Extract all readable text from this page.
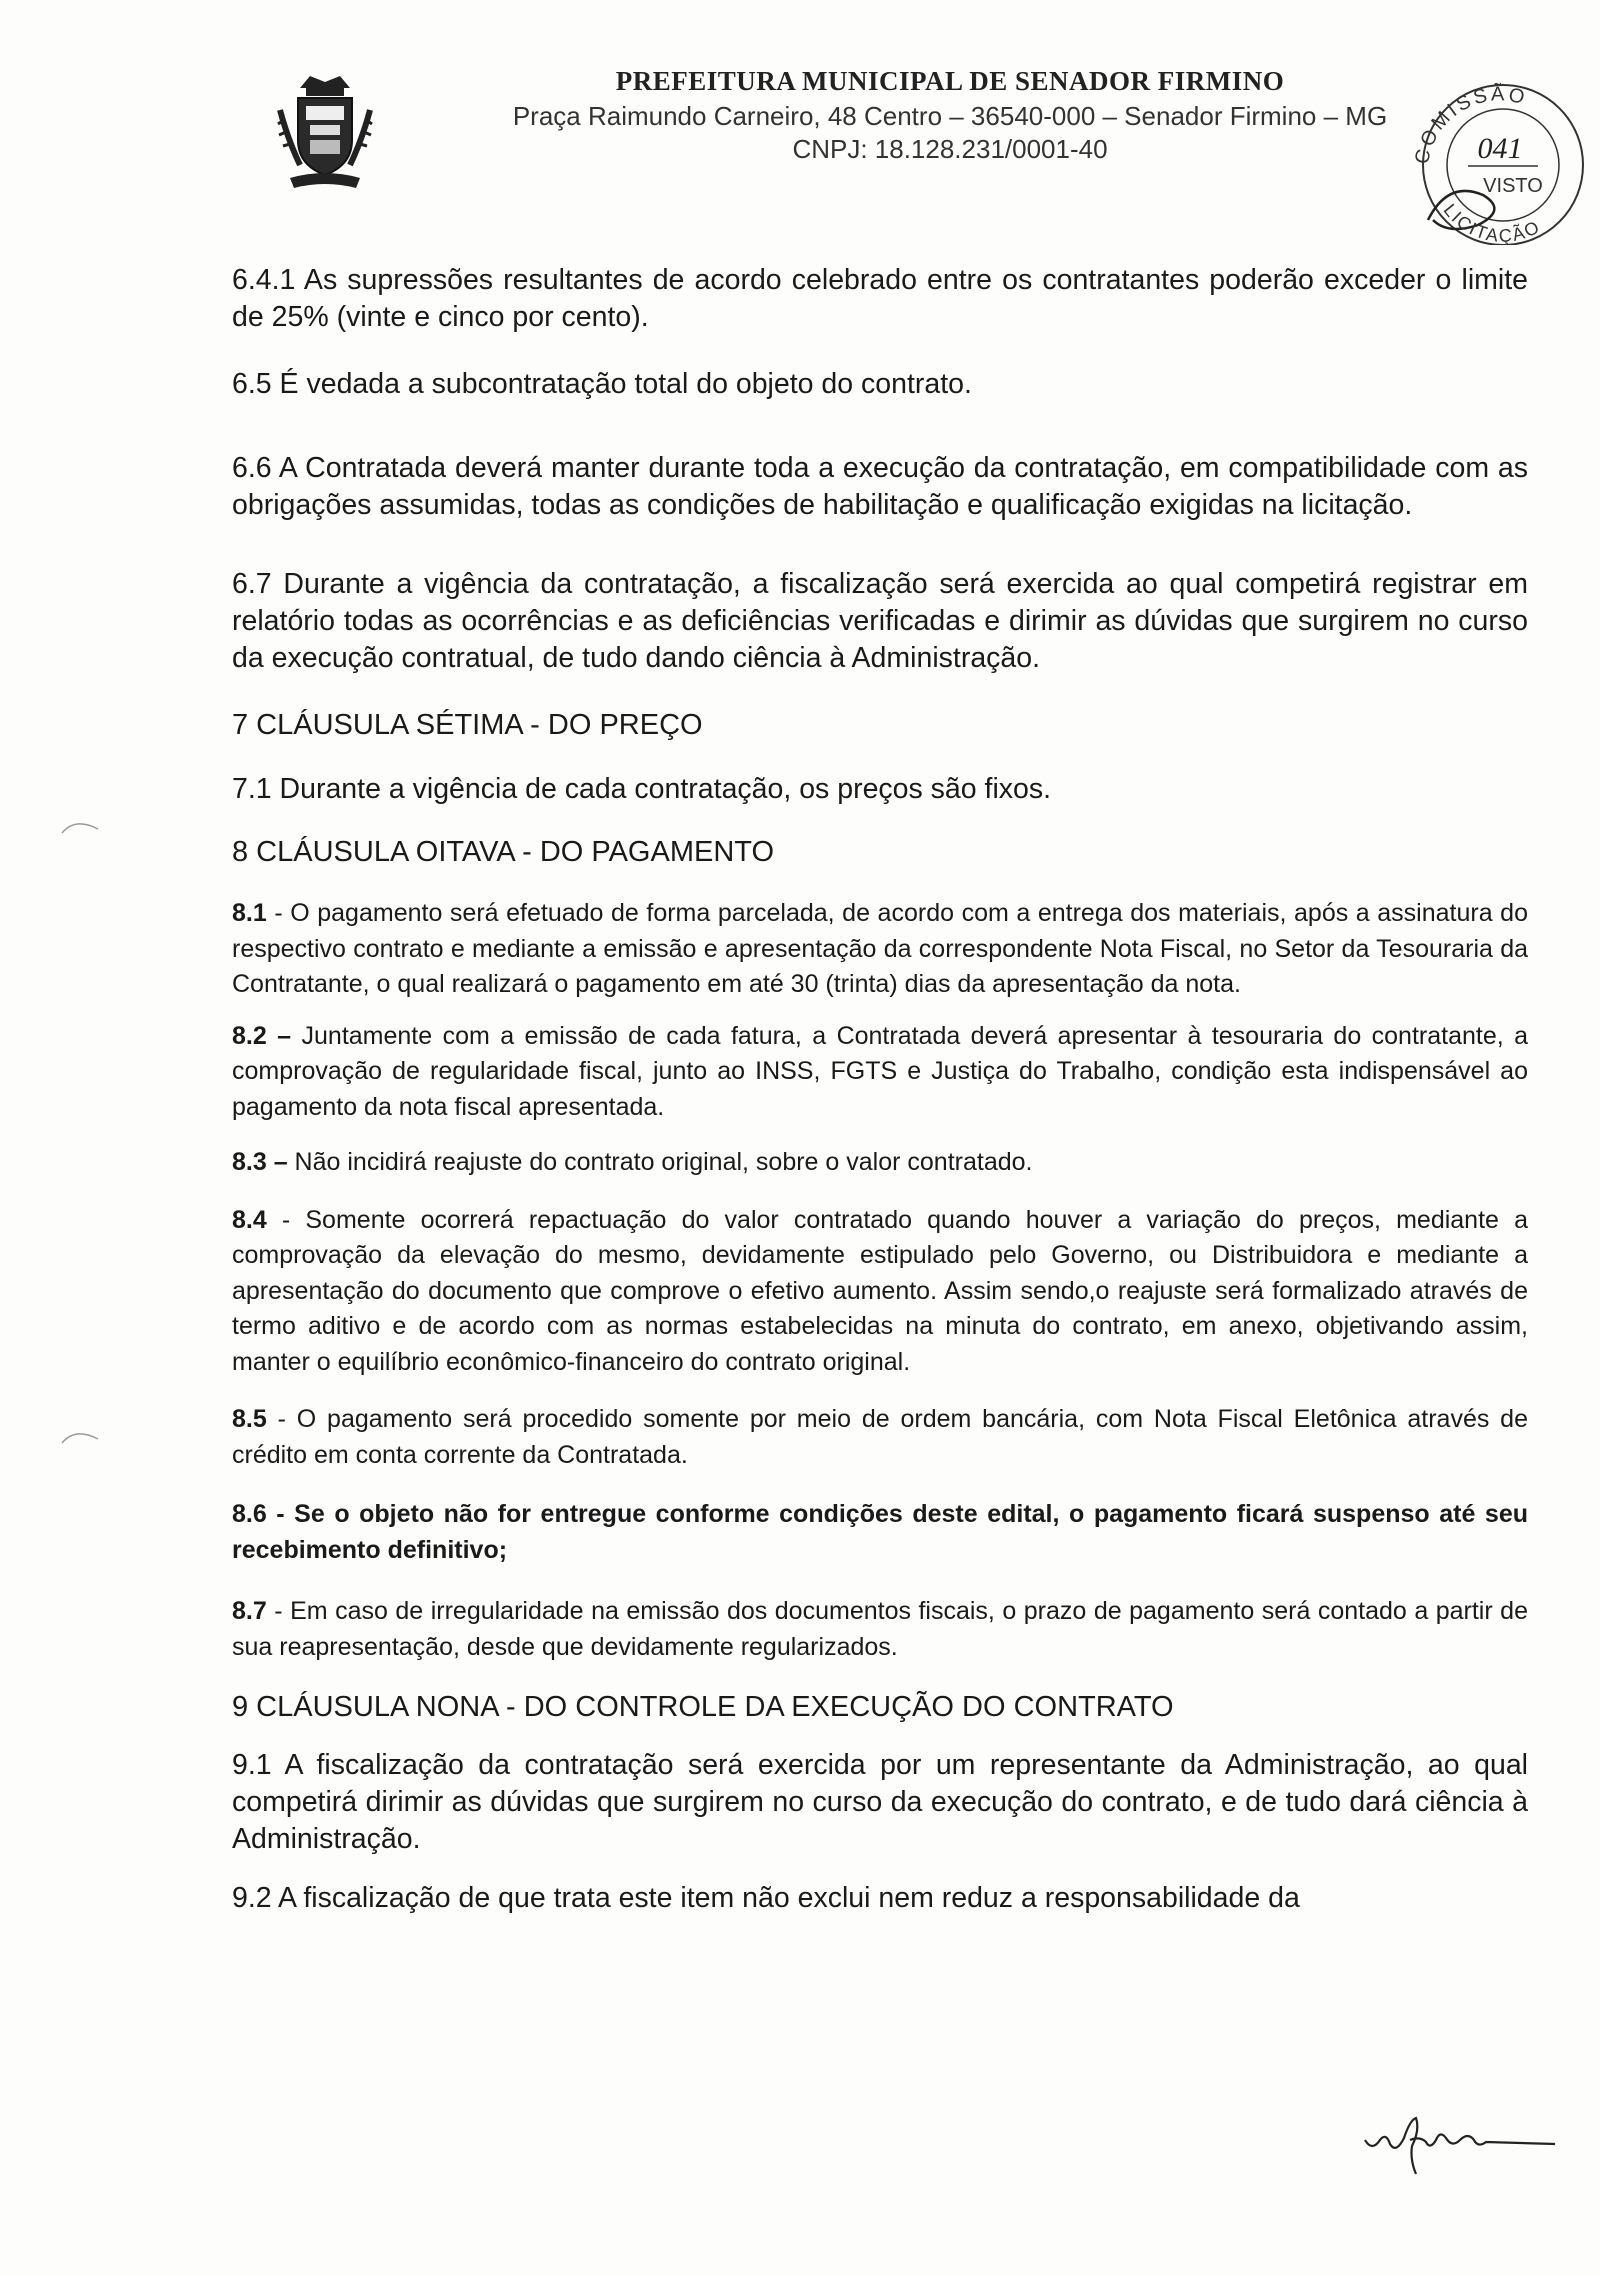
PREFEITURA MUNICIPAL DE SENADOR FIRMINO
Praça Raimundo Carneiro, 48 Centro – 36540-000 – Senador Firmino – MG
CNPJ: 18.128.231/0001-40	COMISSÃO
041
VISTO
LICITAÇÃO

6.4.1 As supressões resultantes de acordo celebrado entre os contratantes poderão exceder o limite de 25% (vinte e cinco por cento).

6.5 É vedada a subcontratação total do objeto do contrato.

6.6 A Contratada deverá manter durante toda a execução da contratação, em compatibilidade com as obrigações assumidas, todas as condições de habilitação e qualificação exigidas na licitação.

6.7 Durante a vigência da contratação, a fiscalização será exercida ao qual competirá registrar em relatório todas as ocorrências e as deficiências verificadas e dirimir as dúvidas que surgirem no curso da execução contratual, de tudo dando ciência à Administração.

7 CLÁUSULA SÉTIMA - DO PREÇO

7.1 Durante a vigência de cada contratação, os preços são fixos.

8 CLÁUSULA OITAVA - DO PAGAMENTO

8.1 - O pagamento será efetuado de forma parcelada, de acordo com a entrega dos materiais, após a assinatura do respectivo contrato e mediante a emissão e apresentação da correspondente Nota Fiscal, no Setor da Tesouraria da Contratante, o qual realizará o pagamento em até 30 (trinta) dias da apresentação da nota.

8.2 – Juntamente com a emissão de cada fatura, a Contratada deverá apresentar à tesouraria do contratante, a comprovação de regularidade fiscal, junto ao INSS, FGTS e Justiça do Trabalho, condição esta indispensável ao pagamento da nota fiscal apresentada.

8.3 – Não incidirá reajuste do contrato original, sobre o valor contratado.

8.4 - Somente ocorrerá repactuação do valor contratado quando houver a variação do preços, mediante a comprovação da elevação do mesmo, devidamente estipulado pelo Governo, ou Distribuidora e mediante a apresentação do documento que comprove o efetivo aumento. Assim sendo,o reajuste será formalizado através de termo aditivo e de acordo com as normas estabelecidas na minuta do contrato, em anexo, objetivando assim, manter o equilíbrio econômico-financeiro do contrato original.

8.5 - O pagamento será procedido somente por meio de ordem bancária, com Nota Fiscal Eletônica através de crédito em conta corrente da Contratada.

8.6 - Se o objeto não for entregue conforme condições deste edital, o pagamento ficará suspenso até seu recebimento definitivo;

8.7 - Em caso de irregularidade na emissão dos documentos fiscais, o prazo de pagamento será contado a partir de sua reapresentação, desde que devidamente regularizados.

9 CLÁUSULA NONA - DO CONTROLE DA EXECUÇÃO DO CONTRATO

9.1 A fiscalização da contratação será exercida por um representante da Administração, ao qual competirá dirimir as dúvidas que surgirem no curso da execução do contrato, e de tudo dará ciência à Administração.

9.2 A fiscalização de que trata este item não exclui nem reduz a responsabilidade da
